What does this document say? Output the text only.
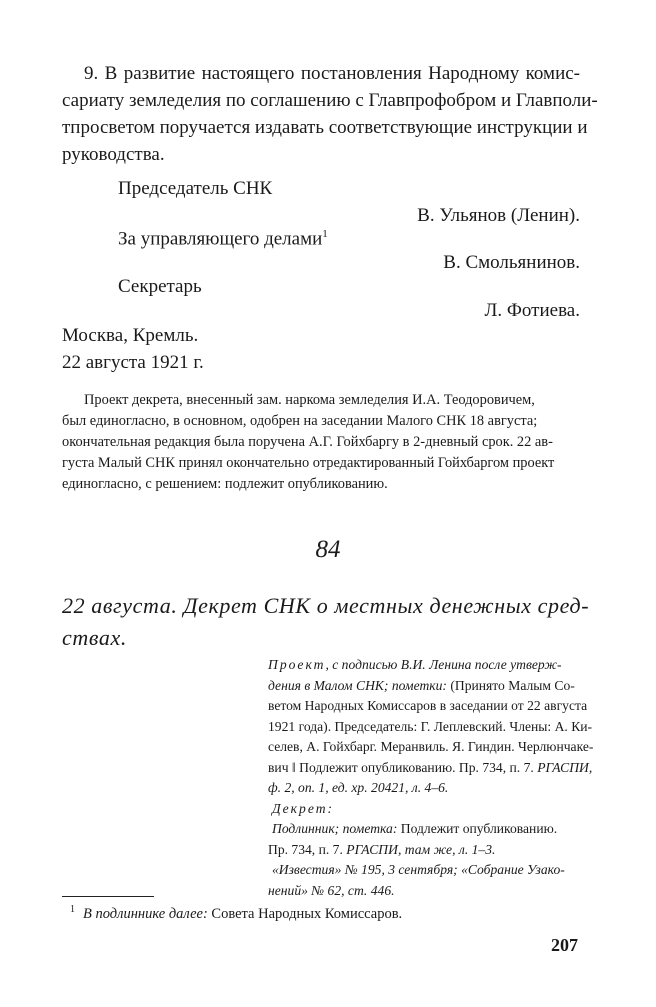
9. В развитие настоящего постановления Народному комис-
сариату земледелия по соглашению с Главпрофобром и Главполи-
тпросветом поручается издавать соответствующие инструкции и
руководства.
Председатель СНК
В. Ульянов (Ленин).
За управляющего делами$^1$
В. Смольянинов.
Секретарь
Л. Фотиева.
Москва, Кремль.
22 августа 1921 г.
Проект декрета, внесенный зам. наркома земледелия И.А. Теодоровичем,
был единогласно, в основном, одобрен на заседании Малого СНК 18 августа;
окончательная редакция была поручена А.Г. Гойхбаргу в 2-дневный срок. 22 ав-
густа Малый СНК принял окончательно отредактированный Гойхбаргом проект
единогласно, с решением: подлежит опубликованию.
84
22 августа. Декрет СНК о местных денежных сред-
ствах.
Проект, с подписью В.И. Ленина после утверж-
дения в Малом СНК; пометки: (Принято Малым Со-
ветом Народных Комиссаров в заседании от 22 августа
1921 года). Председатель: Г. Леплевский. Члены: А. Ки-
селев, А. Гойхбарг. Меранвиль. Я. Гиндин. Черлюнчаке-
вич ‖ Подлежит опубликованию. Пр. 734, п. 7. РГАСПИ,
ф. 2, оп. 1, ед. хр. 20421, л. 4–6.
Декрет:
Подлинник; пометка: Подлежит опубликованию.
Пр. 734, п. 7. РГАСПИ, там же, л. 1–3.
«Известия» № 195, 3 сентября; «Собрание Узако-
нений» № 62, ст. 446.
$^1$ В подлиннике далее: Совета Народных Комиссаров.
207
